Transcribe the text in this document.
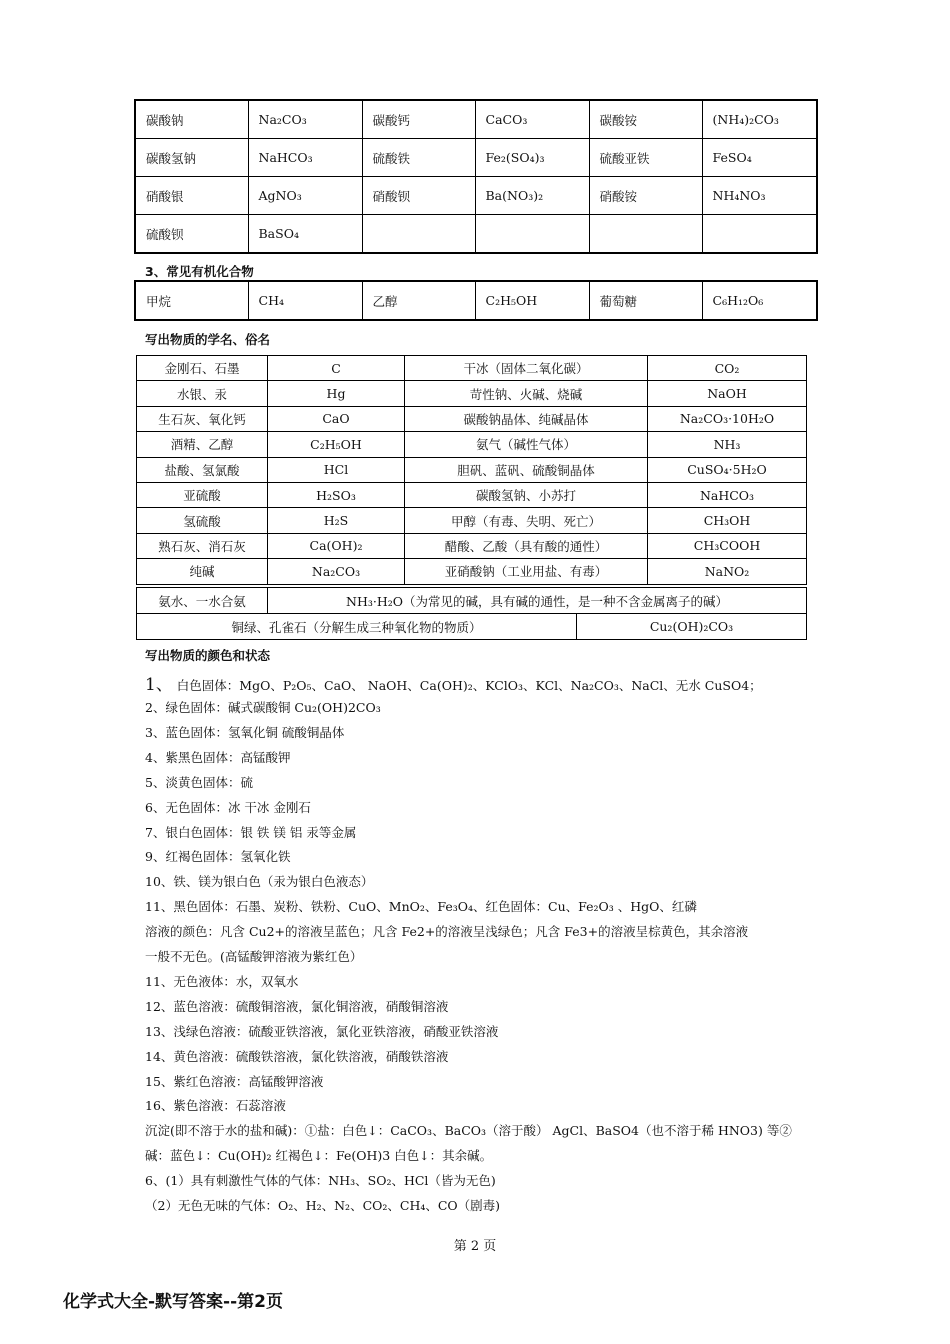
碳酸钠	Na₂CO₃	碳酸钙	CaCO₃	碳酸铵	(NH₄)₂CO₃
碳酸氢钠	NaHCO₃	硫酸铁	Fe₂(SO₄)₃	硫酸亚铁	FeSO₄
硝酸银	AgNO₃	硝酸钡	Ba(NO₃)₂	硝酸铵	NH₄NO₃
硫酸钡	BaSO₄				
3、常见有机化合物
甲烷	CH₄	乙醇	C₂H₅OH	葡萄糖	C₆H₁₂O₆
写出物质的学名、俗名
金刚石、石墨	C	干冰（固体二氧化碳）	CO₂
水银、汞	Hg	苛性钠、火碱、烧碱	NaOH
生石灰、氧化钙	CaO	碳酸钠晶体、纯碱晶体	Na₂CO₃·10H₂O
酒精、乙醇	C₂H₅OH	氨气（碱性气体）	NH₃
盐酸、氢氯酸	HCl	胆矾、蓝矾、硫酸铜晶体	CuSO₄·5H₂O
亚硫酸	H₂SO₃	碳酸氢钠、小苏打	NaHCO₃
氢硫酸	H₂S	甲醇（有毒、失明、死亡）	CH₃OH
熟石灰、消石灰	Ca(OH)₂	醋酸、乙酸（具有酸的通性）	CH₃COOH
纯碱	Na₂CO₃	亚硝酸钠（工业用盐、有毒）	NaNO₂
氨水、一水合氨	NH₃·H₂O（为常见的碱，具有碱的通性，是一种不含金属离子的碱）
铜绿、孔雀石（分解生成三种氧化物的物质）	Cu₂(OH)₂CO₃
写出物质的颜色和状态
1、 白色固体：MgO、P₂O₅、CaO、 NaOH、Ca(OH)₂、KClO₃、KCl、Na₂CO₃、NaCl、无水 CuSO4；
2、绿色固体：碱式碳酸铜 Cu₂(OH)2CO₃
3、蓝色固体：氢氧化铜 硫酸铜晶体
4、紫黑色固体：高锰酸钾
5、淡黄色固体：硫
6、无色固体：冰 干冰 金刚石
7、银白色固体：银 铁 镁 铝 汞等金属
9、红褐色固体：氢氧化铁
10、铁、镁为银白色（汞为银白色液态）
11、黑色固体：石墨、炭粉、铁粉、CuO、MnO₂、Fe₃O₄、红色固体：Cu、Fe₂O₃ 、HgO、红磷
溶液的颜色：凡含 Cu2+的溶液呈蓝色；凡含 Fe2+的溶液呈浅绿色；凡含 Fe3+的溶液呈棕黄色，其余溶液
一般不无色。(高锰酸钾溶液为紫红色）
11、无色液体：水，双氧水
12、蓝色溶液：硫酸铜溶液，氯化铜溶液，硝酸铜溶液
13、浅绿色溶液：硫酸亚铁溶液，氯化亚铁溶液，硝酸亚铁溶液
14、黄色溶液：硫酸铁溶液，氯化铁溶液，硝酸铁溶液
15、紫红色溶液：高锰酸钾溶液
16、紫色溶液：石蕊溶液
沉淀(即不溶于水的盐和碱)：①盐：白色↓：CaCO₃、BaCO₃（溶于酸） AgCl、BaSO4（也不溶于稀 HNO3) 等②
碱：蓝色↓：Cu(OH)₂ 红褐色↓：Fe(OH)3 白色↓：其余碱。
6、(1）具有刺激性气体的气体：NH₃、SO₂、HCl（皆为无色)
（2）无色无味的气体：O₂、H₂、N₂、CO₂、CH₄、CO（剧毒)
第 2 页
化学式大全-默写答案--第2页
